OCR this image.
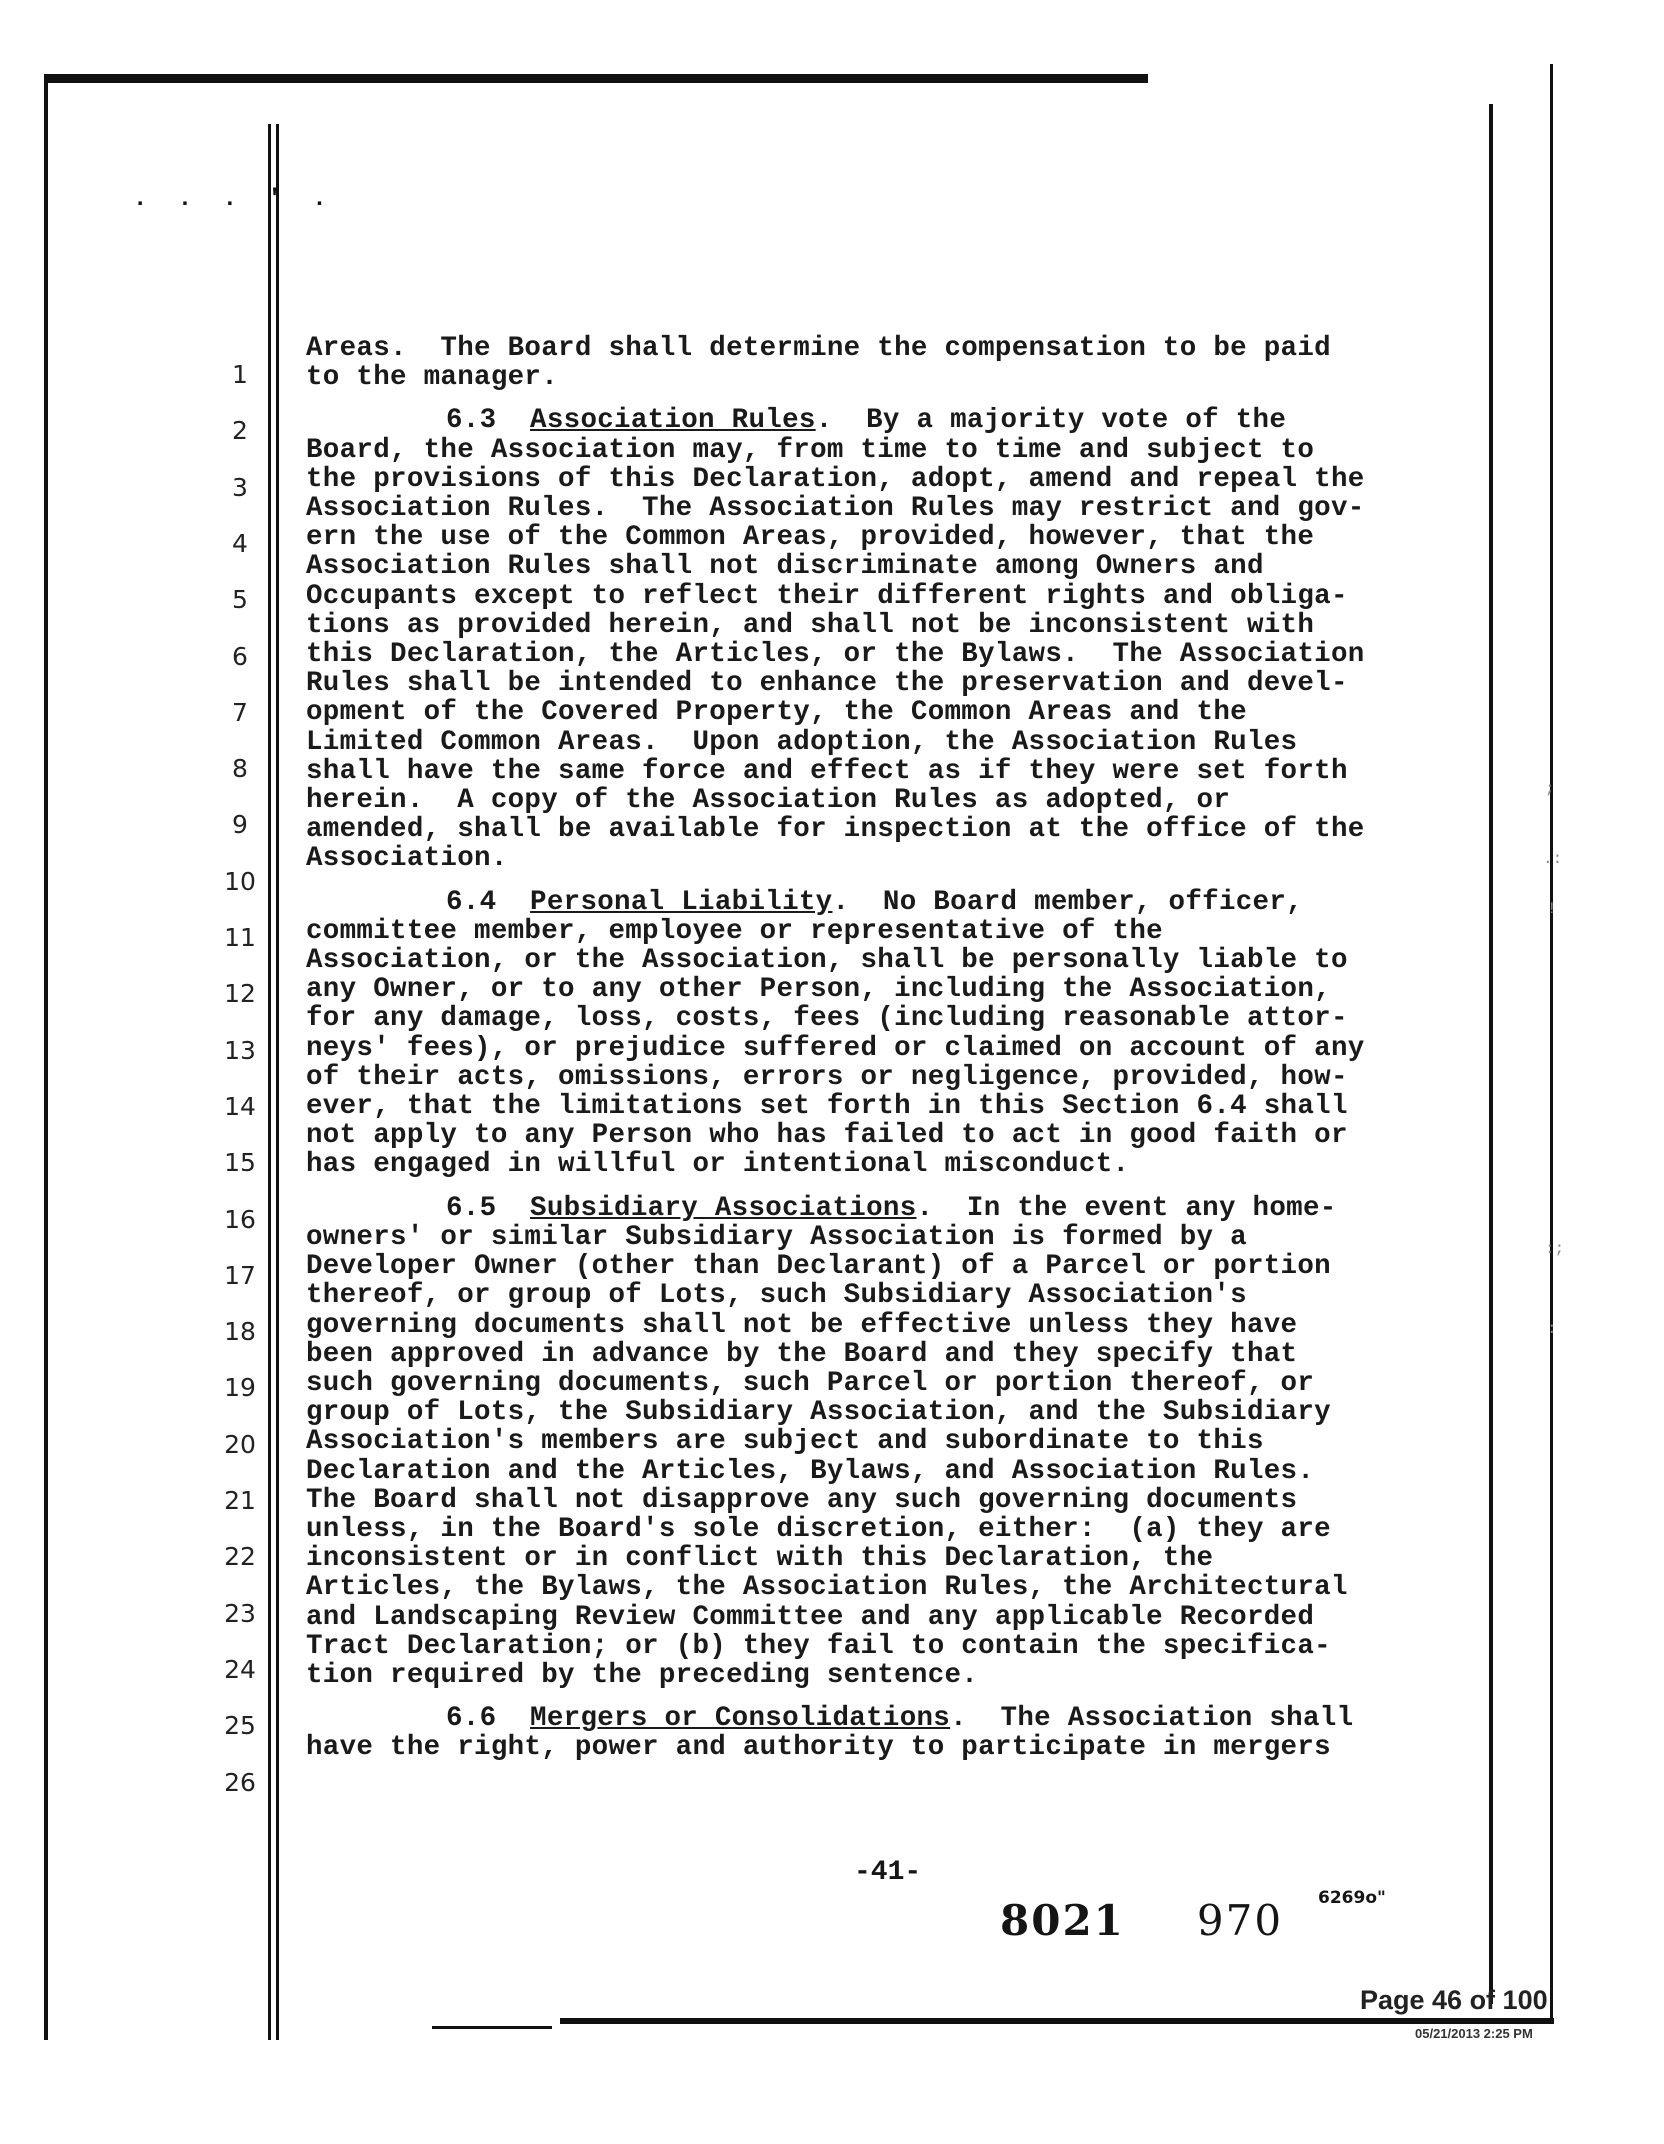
. . . ' .
1
2
3
4
5
6
7
8
9
10
11
12
13
14
15
16
17
18
19
20
21
22
23
24
25
26
Areas.  The Board shall determine the compensation to be paid
to the manager.
6.3 Association Rules.  By a majority vote of the
Board, the Association may, from time to time and subject to
the provisions of this Declaration, adopt, amend and repeal the
Association Rules.  The Association Rules may restrict and gov-
ern the use of the Common Areas, provided, however, that the
Association Rules shall not discriminate among Owners and
Occupants except to reflect their different rights and obliga-
tions as provided herein, and shall not be inconsistent with
this Declaration, the Articles, or the Bylaws.  The Association
Rules shall be intended to enhance the preservation and devel-
opment of the Covered Property, the Common Areas and the
Limited Common Areas.  Upon adoption, the Association Rules
shall have the same force and effect as if they were set forth
herein.  A copy of the Association Rules as adopted, or
amended, shall be available for inspection at the office of the
Association.
6.4 Personal Liability.  No Board member, officer,
committee member, employee or representative of the
Association, or the Association, shall be personally liable to
any Owner, or to any other Person, including the Association,
for any damage, loss, costs, fees (including reasonable attor-
neys' fees), or prejudice suffered or claimed on account of any
of their acts, omissions, errors or negligence, provided, how-
ever, that the limitations set forth in this Section 6.4 shall
not apply to any Person who has failed to act in good faith or
has engaged in willful or intentional misconduct.
6.5 Subsidiary Associations.  In the event any home-
owners' or similar Subsidiary Association is formed by a
Developer Owner (other than Declarant) of a Parcel or portion
thereof, or group of Lots, such Subsidiary Association's
governing documents shall not be effective unless they have
been approved in advance by the Board and they specify that
such governing documents, such Parcel or portion thereof, or
group of Lots, the Subsidiary Association, and the Subsidiary
Association's members are subject and subordinate to this
Declaration and the Articles, Bylaws, and Association Rules.
The Board shall not disapprove any such governing documents
unless, in the Board's sole discretion, either:  (a) they are
inconsistent or in conflict with this Declaration, the
Articles, the Bylaws, the Association Rules, the Architectural
and Landscaping Review Committee and any applicable Recorded
Tract Declaration; or (b) they fail to contain the specifica-
tion required by the preceding sentence.
6.6 Mergers or Consolidations.  The Association shall
have the right, power and authority to participate in mergers
-41-
8021 970 6269o"
Page 46 of 100
05/21/2013 2:25 PM
;
.:
!
:;
:
